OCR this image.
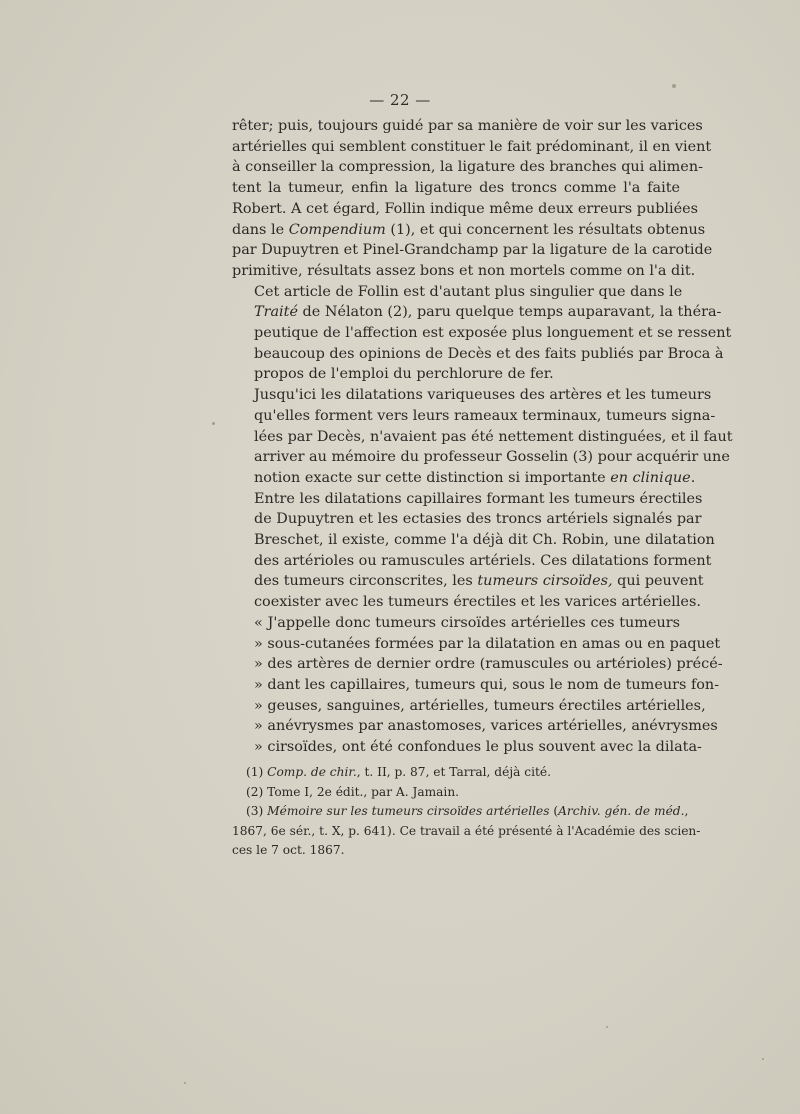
— 22 —

rêter; puis, toujours guidé par sa manière de voir sur les varices
artérielles qui semblent constituer le fait prédominant, il en vient
à conseiller la compression, la ligature des branches qui alimen-
tent la tumeur, enfin la ligature des troncs comme l'a faite
Robert. A cet égard, Follin indique même deux erreurs publiées
dans le Compendium (1), et qui concernent les résultats obtenus
par Dupuytren et Pinel-Grandchamp par la ligature de la carotide
primitive, résultats assez bons et non mortels comme on l'a dit.

Cet article de Follin est d'autant plus singulier que dans le
Traité de Nélaton (2), paru quelque temps auparavant, la théra-
peutique de l'affection est exposée plus longuement et se ressent
beaucoup des opinions de Decès et des faits publiés par Broca à
propos de l'emploi du perchlorure de fer.

Jusqu'ici les dilatations variqueuses des artères et les tumeurs
qu'elles forment vers leurs rameaux terminaux, tumeurs signa-
lées par Decès, n'avaient pas été nettement distinguées, et il faut
arriver au mémoire du professeur Gosselin (3) pour acquérir une
notion exacte sur cette distinction si importante en clinique.

Entre les dilatations capillaires formant les tumeurs érectiles
de Dupuytren et les ectasies des troncs artériels signalés par
Breschet, il existe, comme l'a déjà dit Ch. Robin, une dilatation
des artérioles ou ramuscules artériels. Ces dilatations forment
des tumeurs circonscrites, les tumeurs cirsoïdes, qui peuvent
coexister avec les tumeurs érectiles et les varices artérielles.

« J'appelle donc tumeurs cirsoïdes artérielles ces tumeurs
» sous-cutanées formées par la dilatation en amas ou en paquet
» des artères de dernier ordre (ramuscules ou artérioles) précé-
» dant les capillaires, tumeurs qui, sous le nom de tumeurs fon-
» geuses, sanguines, artérielles, tumeurs érectiles artérielles,
» anévrysmes par anastomoses, varices artérielles, anévrysmes
» cirsoïdes, ont été confondues le plus souvent avec la dilata-

(1) Comp. de chir., t. II, p. 87, et Tarral, déjà cité.
(2) Tome I, 2e édit., par A. Jamain.
(3) Mémoire sur les tumeurs cirsoïdes artérielles (Archiv. gén. de méd.,
1867, 6e sér., t. X, p. 641). Ce travail a été présenté à l'Académie des scien-
ces le 7 oct. 1867.
